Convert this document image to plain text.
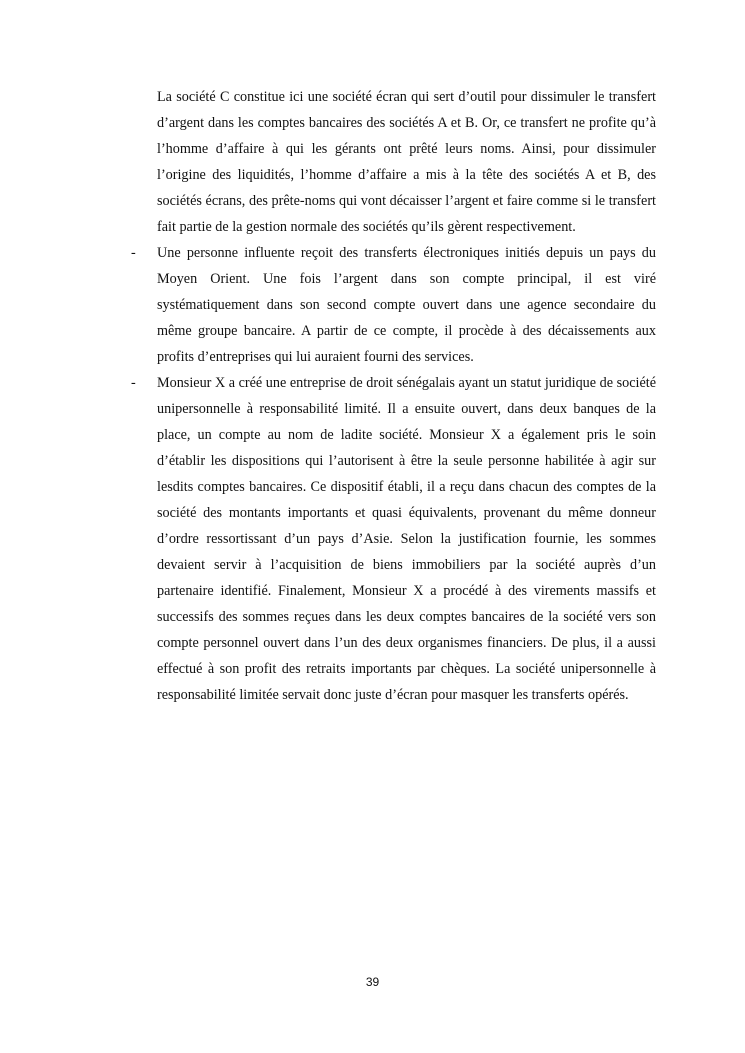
La société C constitue ici une société écran qui sert d’outil pour dissimuler le transfert d’argent dans les comptes bancaires des sociétés A et B. Or, ce transfert ne profite qu’à l’homme d’affaire à qui les gérants ont prêté leurs noms. Ainsi, pour dissimuler l’origine des liquidités, l’homme d’affaire a mis à la tête des sociétés A et B, des sociétés écrans, des prête-noms qui vont décaisser l’argent et faire comme si le transfert fait partie de la gestion normale des sociétés qu’ils gèrent respectivement.

- Une personne influente reçoit des transferts électroniques initiés depuis un pays du Moyen Orient. Une fois l’argent dans son compte principal, il est viré systématiquement dans son second compte ouvert dans une agence secondaire du même groupe bancaire. A partir de ce compte, il procède à des décaissements aux profits d’entreprises qui lui auraient fourni des services.
- Monsieur X a créé une entreprise de droit sénégalais ayant un statut juridique de société unipersonnelle à responsabilité limité. Il a ensuite ouvert, dans deux banques de la place, un compte au nom de ladite société. Monsieur X a également pris le soin d’établir les dispositions qui l’autorisent à être la seule personne habilitée à agir sur lesdits comptes bancaires. Ce dispositif établi, il a reçu dans chacun des comptes de la société des montants importants et quasi équivalents, provenant du même donneur d’ordre ressortissant d’un pays d’Asie. Selon la justification fournie, les sommes devaient servir à l’acquisition de biens immobiliers par la société auprès d’un partenaire identifié. Finalement, Monsieur X a procédé à des virements massifs et successifs des sommes reçues dans les deux comptes bancaires de la société vers son compte personnel ouvert dans l’un des deux organismes financiers. De plus, il a aussi effectué à son profit des retraits importants par chèques. La société unipersonnelle à responsabilité limitée servait donc juste d’écran pour masquer les transferts opérés.
39
